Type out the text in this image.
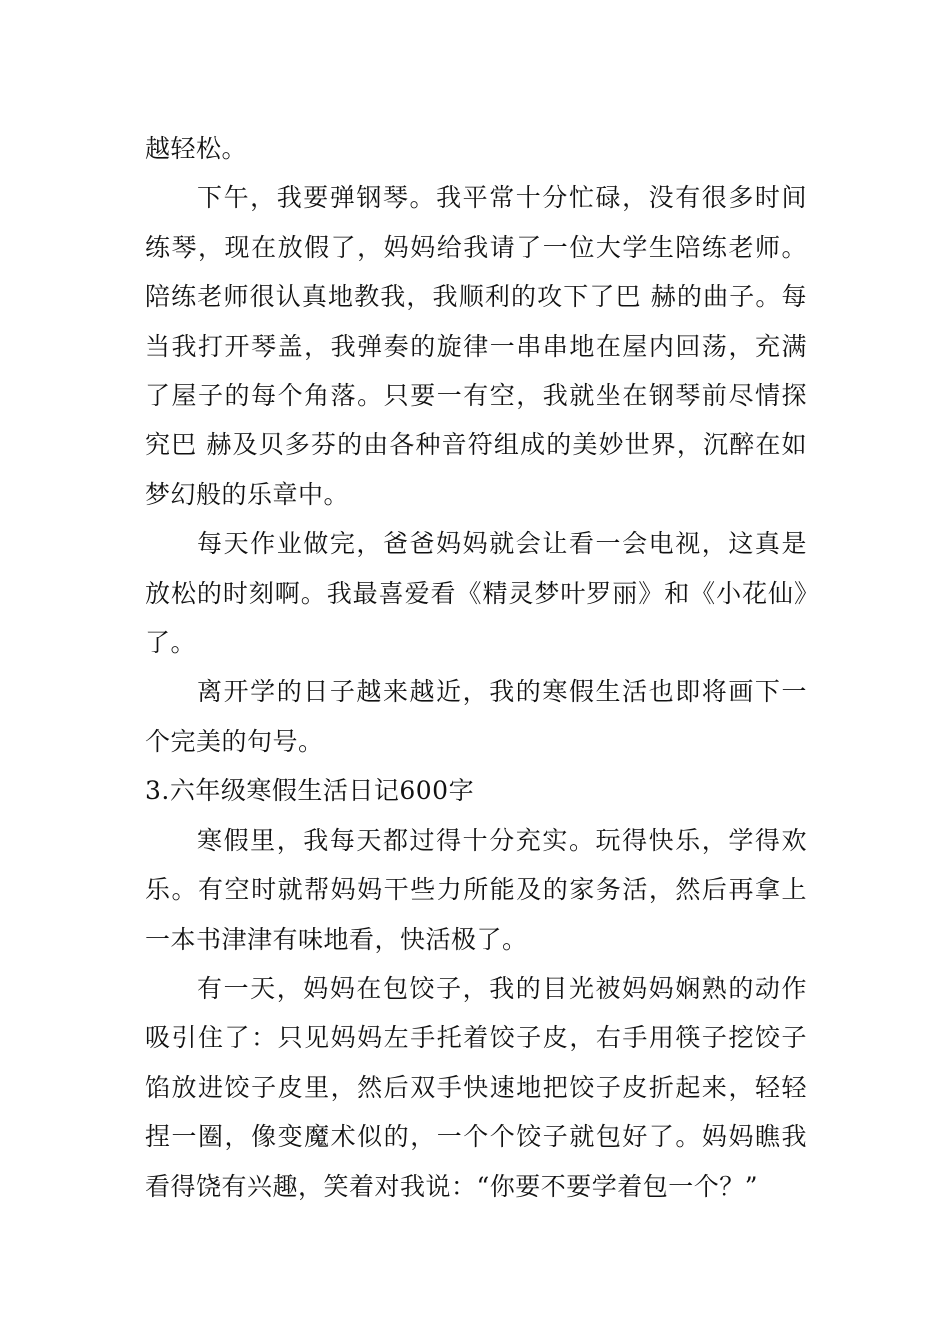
越轻松。

下午，我要弹钢琴。我平常十分忙碌，没有很多时间练琴，现在放假了，妈妈给我请了一位大学生陪练老师。陪练老师很认真地教我，我顺利的攻下了巴 赫的曲子。每当我打开琴盖，我弹奏的旋律一串串地在屋内回荡，充满了屋子的每个角落。只要一有空，我就坐在钢琴前尽情探究巴 赫及贝多芬的由各种音符组成的美妙世界，沉醉在如梦幻般的乐章中。

每天作业做完，爸爸妈妈就会让看一会电视，这真是放松的时刻啊。我最喜爱看《精灵梦叶罗丽》和《小花仙》了。

离开学的日子越来越近，我的寒假生活也即将画下一个完美的句号。

3.六年级寒假生活日记600字

寒假里，我每天都过得十分充实。玩得快乐，学得欢乐。有空时就帮妈妈干些力所能及的家务活，然后再拿上一本书津津有味地看，快活极了。

有一天，妈妈在包饺子，我的目光被妈妈娴熟的动作吸引住了：只见妈妈左手托着饺子皮，右手用筷子挖饺子馅放进饺子皮里，然后双手快速地把饺子皮折起来，轻轻捏一圈，像变魔术似的，一个个饺子就包好了。妈妈瞧我看得饶有兴趣，笑着对我说：“你要不要学着包一个？”
